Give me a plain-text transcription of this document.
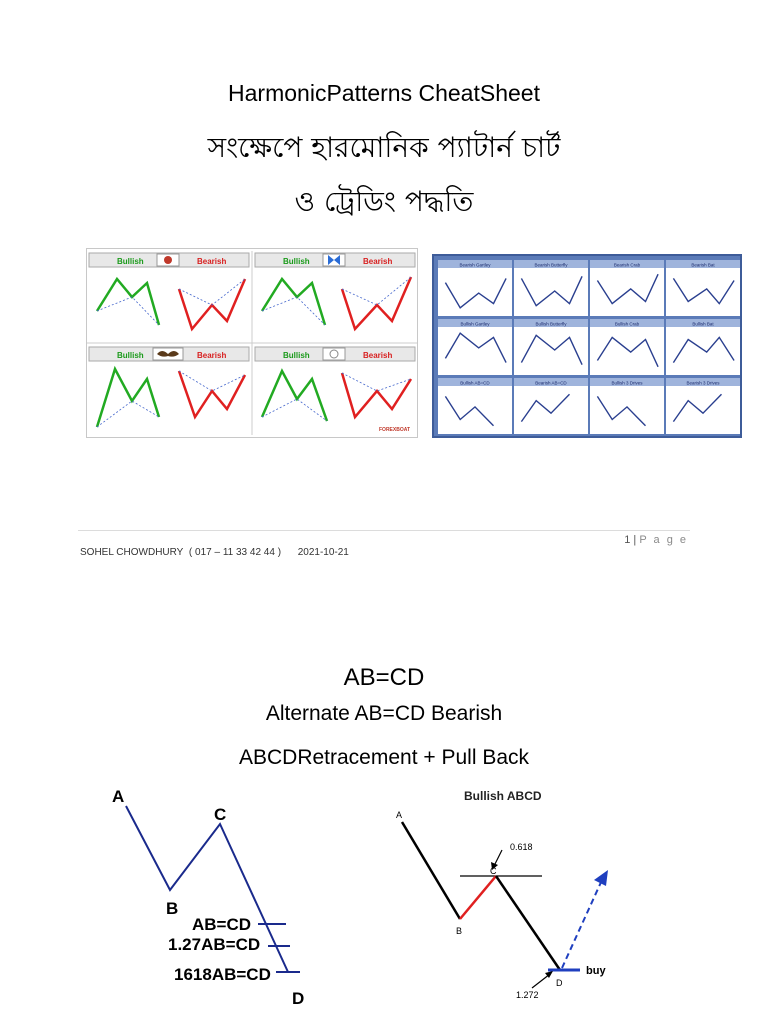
HarmonicPatterns CheatSheet
সংক্ষেপে হারমোনিক প্যাটার্ন চার্ট
ও ট্রেডিং পদ্ধতি
Bullish	Bearish	Bullish	Bearish
Bullish	Bearish	Bullish	Bearish
FOREXBOAT
Bearish Gartley	Bearish Butterfly	Bearish Crab	Bearish Bat
Bullish Gartley	Bullish Butterfly	Bullish Crab	Bullish Bat
Bullish AB=CD	Bearish AB=CD	Bullish 3 Drives	Bearish 3 Drives
1 | P a g e
SOHEL CHOWDHURY ( 017 – 11 33 42 44 ) 2021-10-21
AB=CD
Alternate AB=CD Bearish
ABCDRetracement + Pull Back
A
B
C
D
AB=CD
1.27AB=CD
1618AB=CD
Bullish ABCD
A
B
C
D
0.618
1.272
buy
